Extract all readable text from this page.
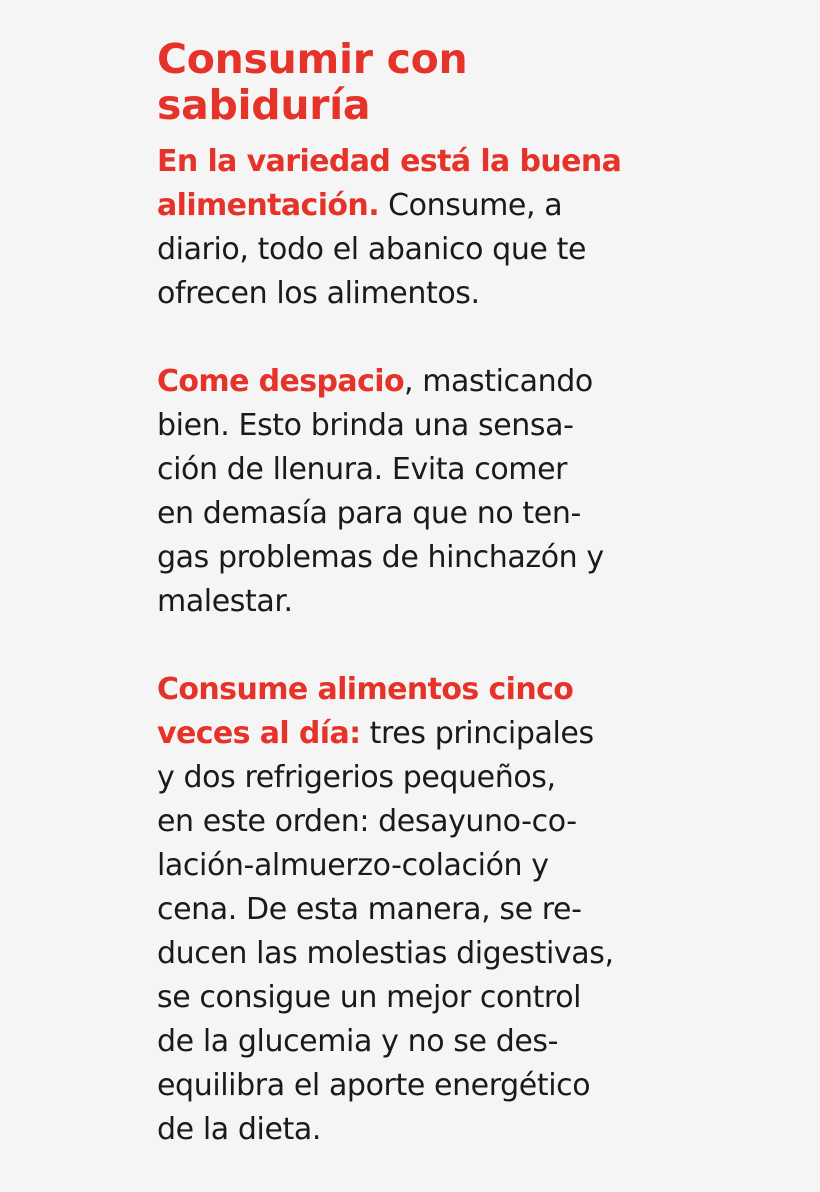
Consumir con
sabiduría

En la variedad está la buena
alimentación. Consume, a
diario, todo el abanico que te
ofrecen los alimentos.

Come despacio, masticando
bien. Esto brinda una sensa-
ción de llenura. Evita comer
en demasía para que no ten-
gas problemas de hinchazón y
malestar.

Consume alimentos cinco
veces al día: tres principales
y dos refrigerios pequeños,
en este orden: desayuno-co-
lación-almuerzo-colación y
cena. De esta manera, se re-
ducen las molestias digestivas,
se consigue un mejor control
de la glucemia y no se des-
equilibra el aporte energético
de la dieta.
